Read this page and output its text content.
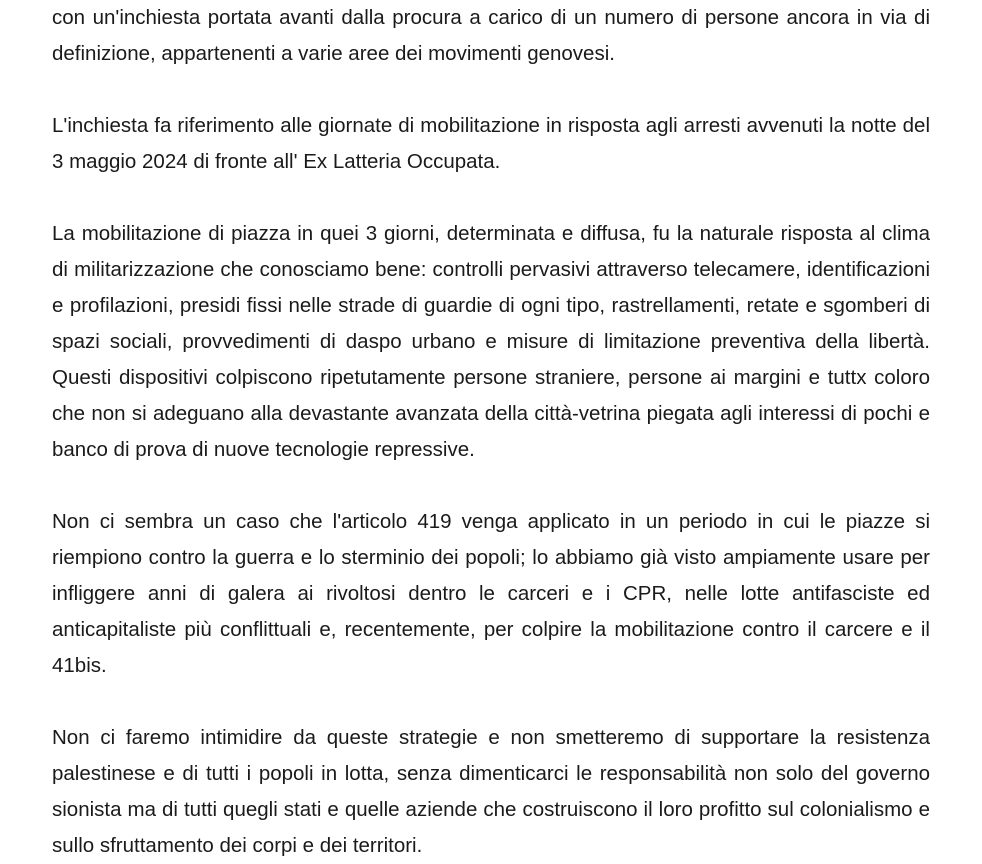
con un'inchiesta portata avanti dalla procura a carico di un numero di persone ancora in via di definizione, appartenenti a varie aree dei movimenti genovesi.

L'inchiesta fa riferimento alle giornate di mobilitazione in risposta agli arresti avvenuti la notte del 3 maggio 2024 di fronte all' Ex Latteria Occupata.

La mobilitazione di piazza in quei 3 giorni, determinata e diffusa, fu la naturale risposta al clima di militarizzazione che conosciamo bene: controlli pervasivi attraverso telecamere, identificazioni e profilazioni, presidi fissi nelle strade di guardie di ogni tipo, rastrellamenti, retate e sgomberi di spazi sociali, provvedimenti di daspo urbano e misure di limitazione preventiva della libertà. Questi dispositivi colpiscono ripetutamente persone straniere, persone ai margini e tuttx coloro che non si adeguano alla devastante avanzata della città-vetrina piegata agli interessi di pochi e banco di prova di nuove tecnologie repressive.

Non ci sembra un caso che l'articolo 419 venga applicato in un periodo in cui le piazze si riempiono contro la guerra e lo sterminio dei popoli; lo abbiamo già visto ampiamente usare per infliggere anni di galera ai rivoltosi dentro le carceri e i CPR, nelle lotte antifasciste ed anticapitaliste più conflittuali e, recentemente, per colpire la mobilitazione contro il carcere e il 41bis.

Non ci faremo intimidire da queste strategie e non smetteremo di supportare la resistenza palestinese e di tutti i popoli in lotta, senza dimenticarci le responsabilità non solo del governo sionista ma di tutti quegli stati e quelle aziende che costruiscono il loro profitto sul colonialismo e sullo sfruttamento dei corpi e dei territori.
